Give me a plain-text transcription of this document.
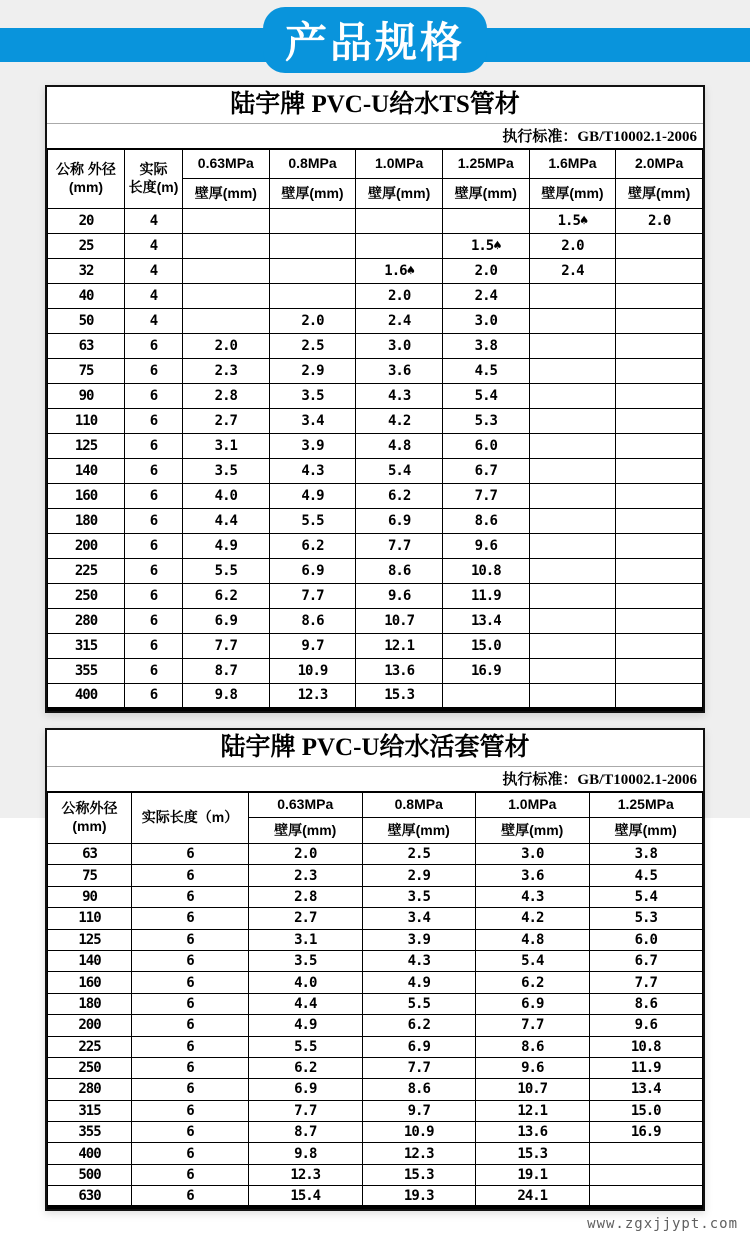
产品规格
陆宇牌 PVC-U给水TS管材
执行标准：GB/T10002.1-2006
公称 外径
(mm)	实际
长度(m)	0.63MPa	0.8MPa	1.0MPa	1.25MPa	1.6MPa	2.0MPa
		壁厚(mm)	壁厚(mm)	壁厚(mm)	壁厚(mm)	壁厚(mm)	壁厚(mm)
20	4					1.5♠	2.0
25	4				1.5♠	2.0	
32	4			1.6♠	2.0	2.4	
40	4			2.0	2.4		
50	4		2.0	2.4	3.0		
63	6	2.0	2.5	3.0	3.8		
75	6	2.3	2.9	3.6	4.5		
90	6	2.8	3.5	4.3	5.4		
110	6	2.7	3.4	4.2	5.3		
125	6	3.1	3.9	4.8	6.0		
140	6	3.5	4.3	5.4	6.7		
160	6	4.0	4.9	6.2	7.7		
180	6	4.4	5.5	6.9	8.6		
200	6	4.9	6.2	7.7	9.6		
225	6	5.5	6.9	8.6	10.8		
250	6	6.2	7.7	9.6	11.9		
280	6	6.9	8.6	10.7	13.4		
315	6	7.7	9.7	12.1	15.0		
355	6	8.7	10.9	13.6	16.9		
400	6	9.8	12.3	15.3			
陆宇牌 PVC-U给水活套管材
执行标准：GB/T10002.1-2006
公称外径
(mm)	实际长度（m）	0.63MPa	0.8MPa	1.0MPa	1.25MPa
		壁厚(mm)	壁厚(mm)	壁厚(mm)	壁厚(mm)
63	6	2.0	2.5	3.0	3.8
75	6	2.3	2.9	3.6	4.5
90	6	2.8	3.5	4.3	5.4
110	6	2.7	3.4	4.2	5.3
125	6	3.1	3.9	4.8	6.0
140	6	3.5	4.3	5.4	6.7
160	6	4.0	4.9	6.2	7.7
180	6	4.4	5.5	6.9	8.6
200	6	4.9	6.2	7.7	9.6
225	6	5.5	6.9	8.6	10.8
250	6	6.2	7.7	9.6	11.9
280	6	6.9	8.6	10.7	13.4
315	6	7.7	9.7	12.1	15.0
355	6	8.7	10.9	13.6	16.9
400	6	9.8	12.3	15.3	
500	6	12.3	15.3	19.1	
630	6	15.4	19.3	24.1	
www.zgxjjypt.com
